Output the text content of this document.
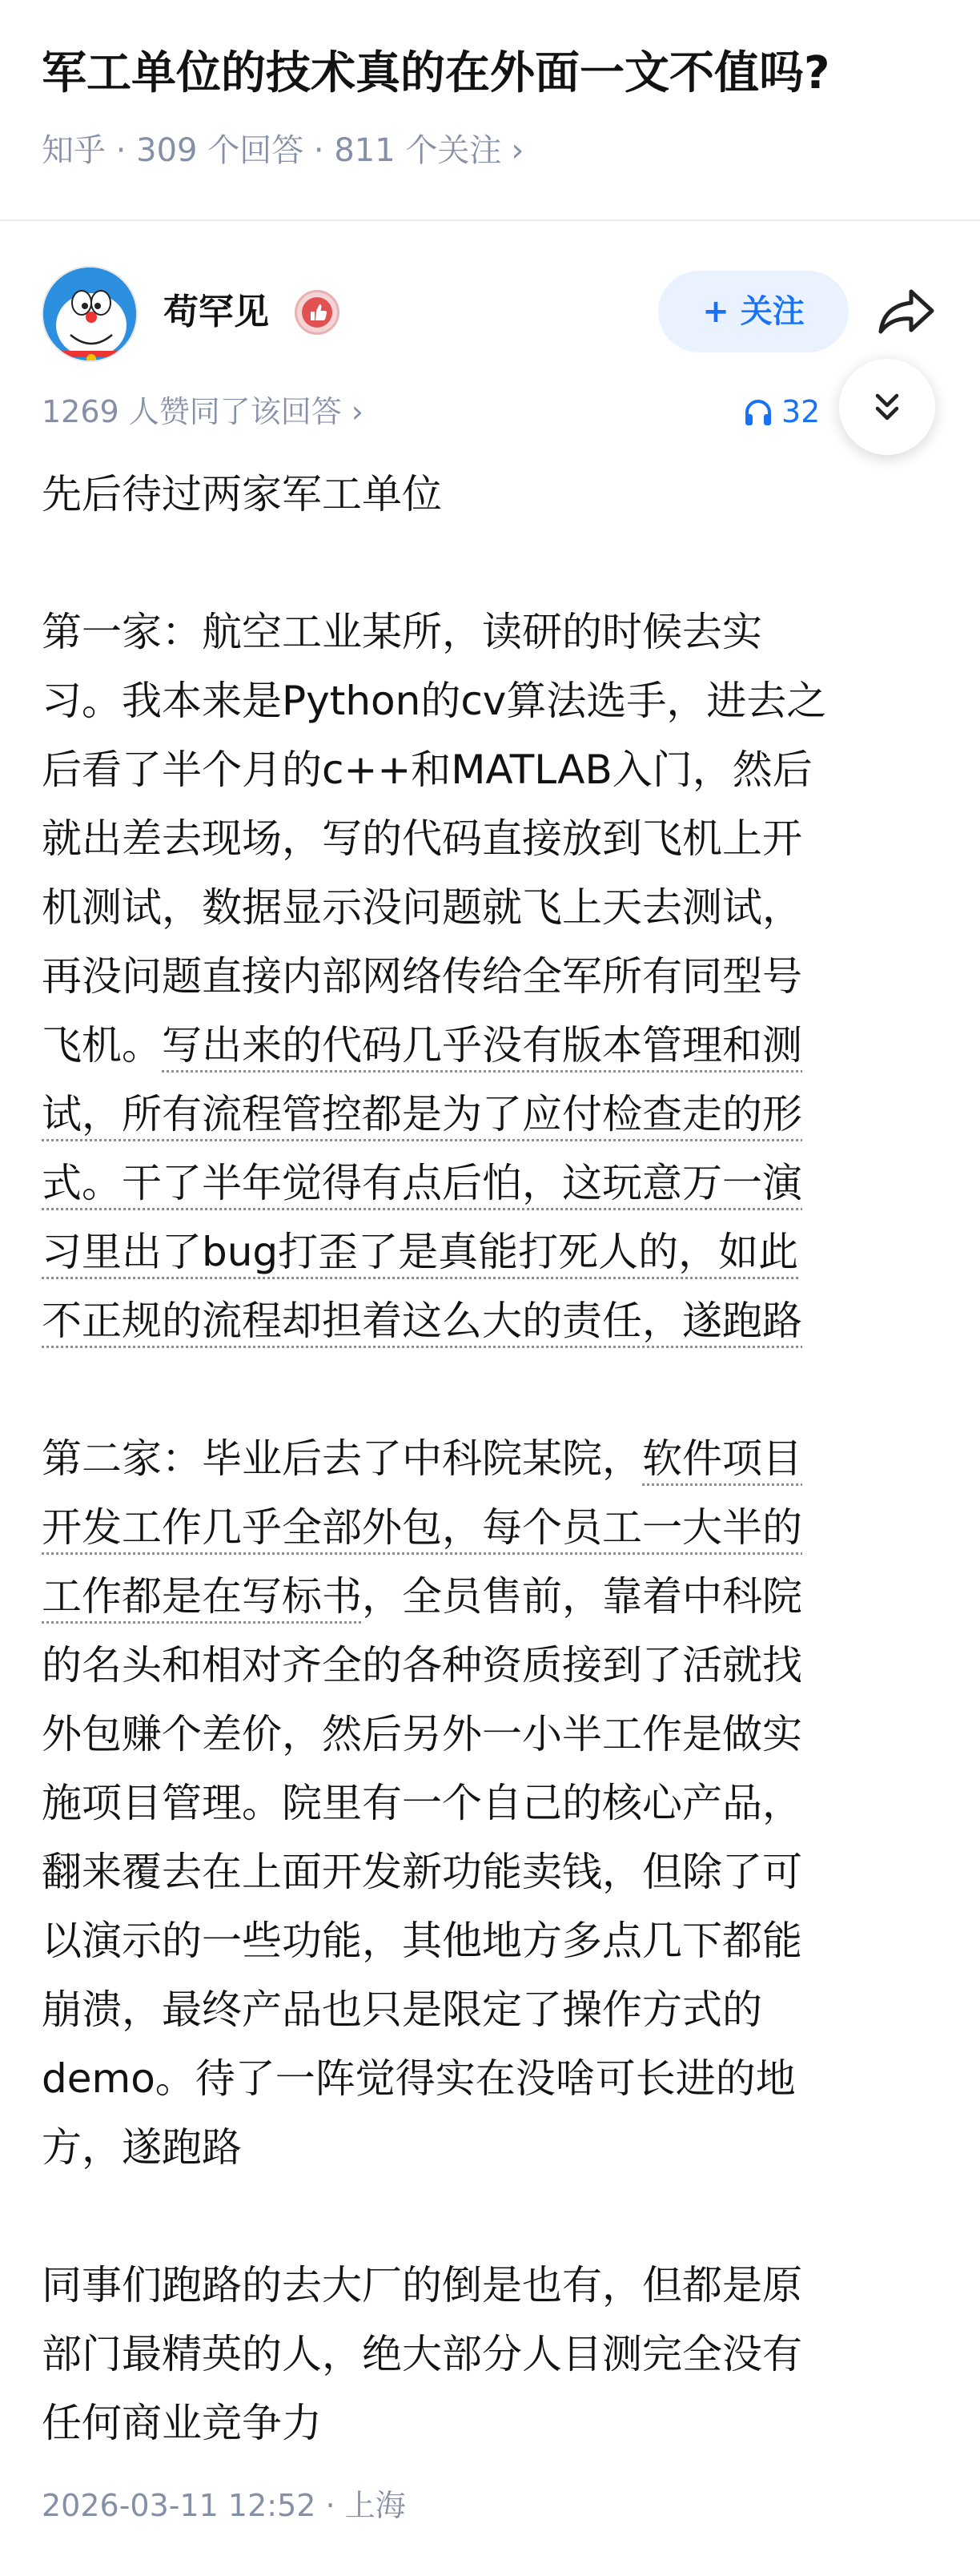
军工单位的技术真的在外面一文不值吗?
知乎 · 309 个回答 · 811 个关注 ›
苟罕见	+ 关注
1269 人赞同了该回答 ›	32
先后待过两家军工单位
第一家：航空工业某所，读研的时候去实
习。我本来是Python的cv算法选手，进去之
后看了半个月的c++和MATLAB入门，然后
就出差去现场，写的代码直接放到飞机上开
机测试，数据显示没问题就飞上天去测试，
再没问题直接内部网络传给全军所有同型号
飞机。写出来的代码几乎没有版本管理和测
试，所有流程管控都是为了应付检查走的形
式。干了半年觉得有点后怕，这玩意万一演
习里出了bug打歪了是真能打死人的，如此
不正规的流程却担着这么大的责任，遂跑路
第二家：毕业后去了中科院某院，软件项目
开发工作几乎全部外包，每个员工一大半的
工作都是在写标书，全员售前，靠着中科院
的名头和相对齐全的各种资质接到了活就找
外包赚个差价，然后另外一小半工作是做实
施项目管理。院里有一个自己的核心产品，
翻来覆去在上面开发新功能卖钱，但除了可
以演示的一些功能，其他地方多点几下都能
崩溃，最终产品也只是限定了操作方式的
demo。待了一阵觉得实在没啥可长进的地
方，遂跑路
同事们跑路的去大厂的倒是也有，但都是原
部门最精英的人，绝大部分人目测完全没有
任何商业竞争力
2026-03-11 12:52 · 上海
